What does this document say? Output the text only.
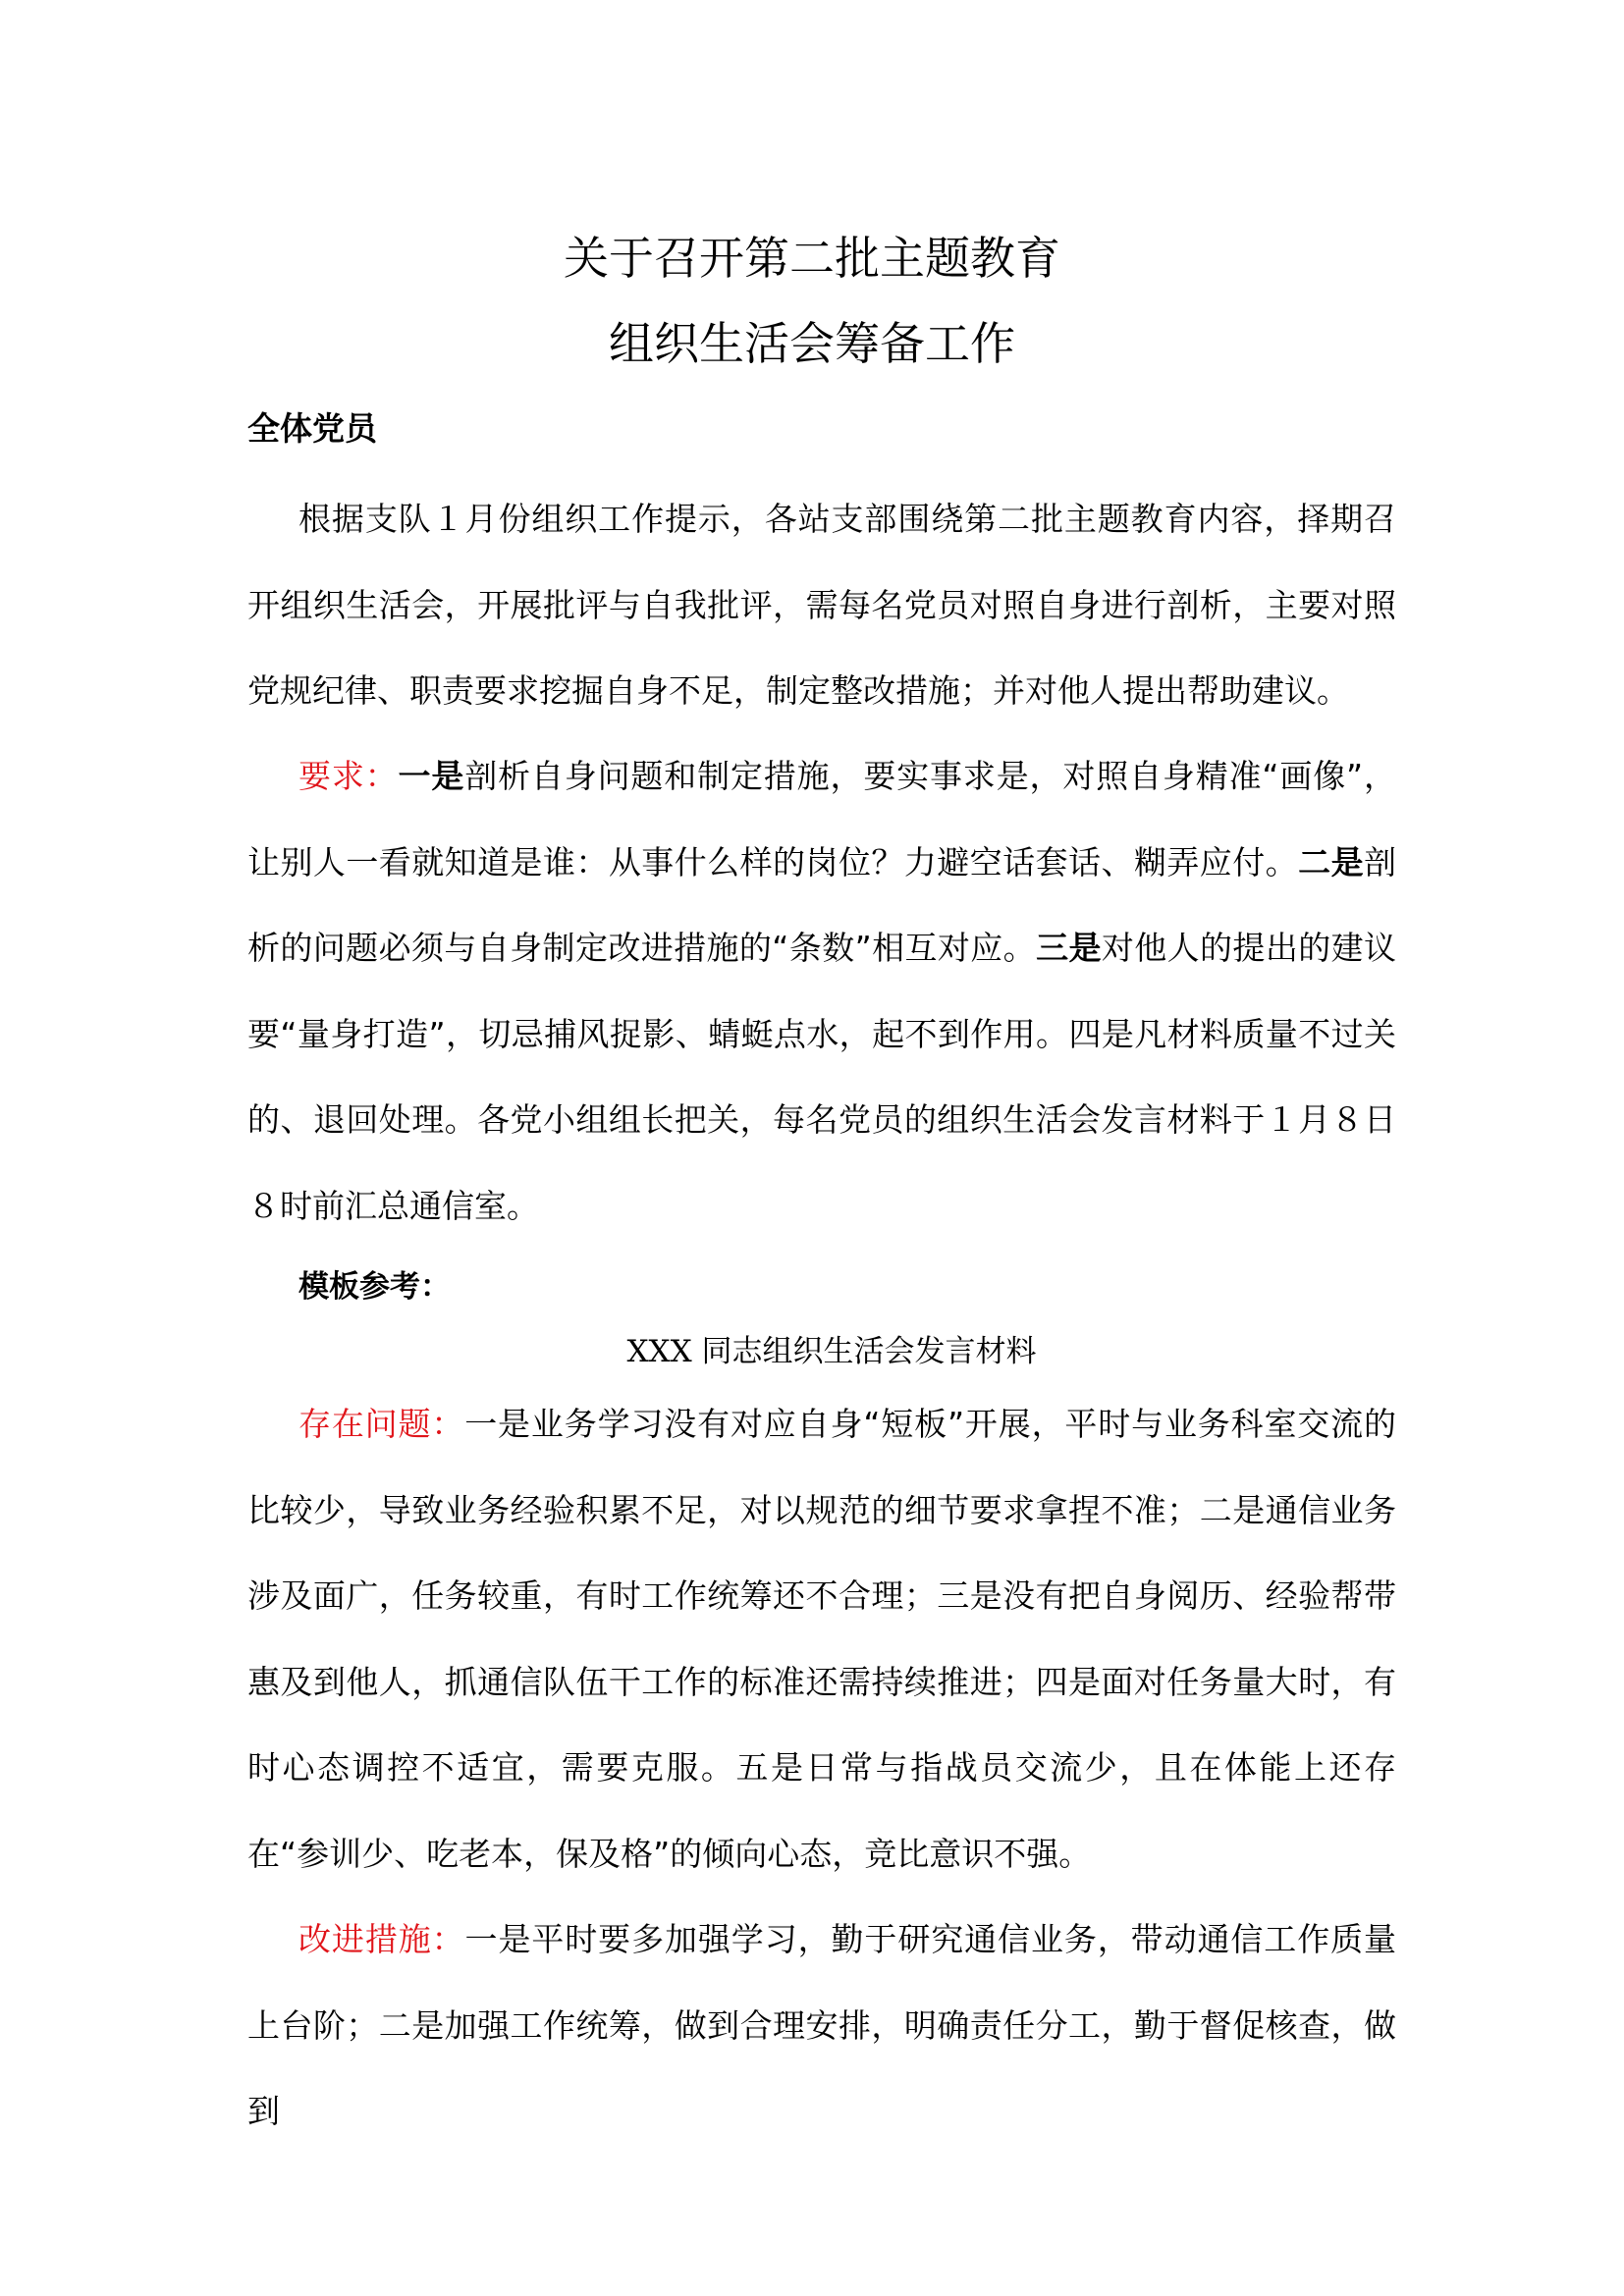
关于召开第二批主题教育
组织生活会筹备工作
全体党员

根据支队１月份组织工作提示，各站支部围绕第二批主题教育内容，择期召开组织生活会，开展批评与自我批评，需每名党员对照自身进行剖析，主要对照党规纪律、职责要求挖掘自身不足，制定整改措施；并对他人提出帮助建议。

要求：一是剖析自身问题和制定措施，要实事求是，对照自身精准“画像”，让别人一看就知道是谁：从事什么样的岗位？力避空话套话、糊弄应付。二是剖析的问题必须与自身制定改进措施的“条数”相互对应。三是对他人的提出的建议要“量身打造”，切忌捕风捉影、蜻蜓点水，起不到作用。四是凡材料质量不过关的、退回处理。各党小组组长把关，每名党员的组织生活会发言材料于１月８日８时前汇总通信室。

模板参考：
XXX 同志组织生活会发言材料

存在问题：一是业务学习没有对应自身“短板”开展，平时与业务科室交流的比较少，导致业务经验积累不足，对以规范的细节要求拿捏不准；二是通信业务涉及面广，任务较重，有时工作统筹还不合理；三是没有把自身阅历、经验帮带惠及到他人，抓通信队伍干工作的标准还需持续推进；四是面对任务量大时，有时心态调控不适宜，需要克服。五是日常与指战员交流少，且在体能上还存在“参训少、吃老本，保及格”的倾向心态，竞比意识不强。

改进措施：一是平时要多加强学习，勤于研究通信业务，带动通信工作质量上台阶；二是加强工作统筹，做到合理安排，明确责任分工，勤于督促核查，做到
